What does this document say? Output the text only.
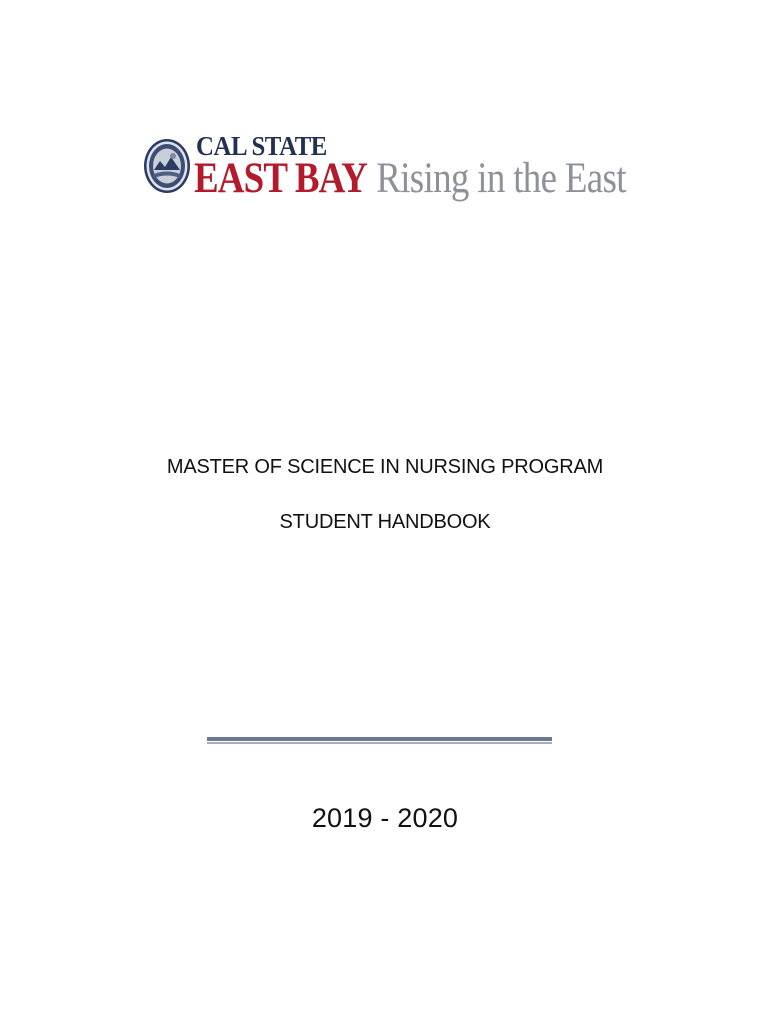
CAL STATE
EAST BAY Rising in the East
MASTER OF SCIENCE IN NURSING PROGRAM
STUDENT HANDBOOK
2019 - 2020
